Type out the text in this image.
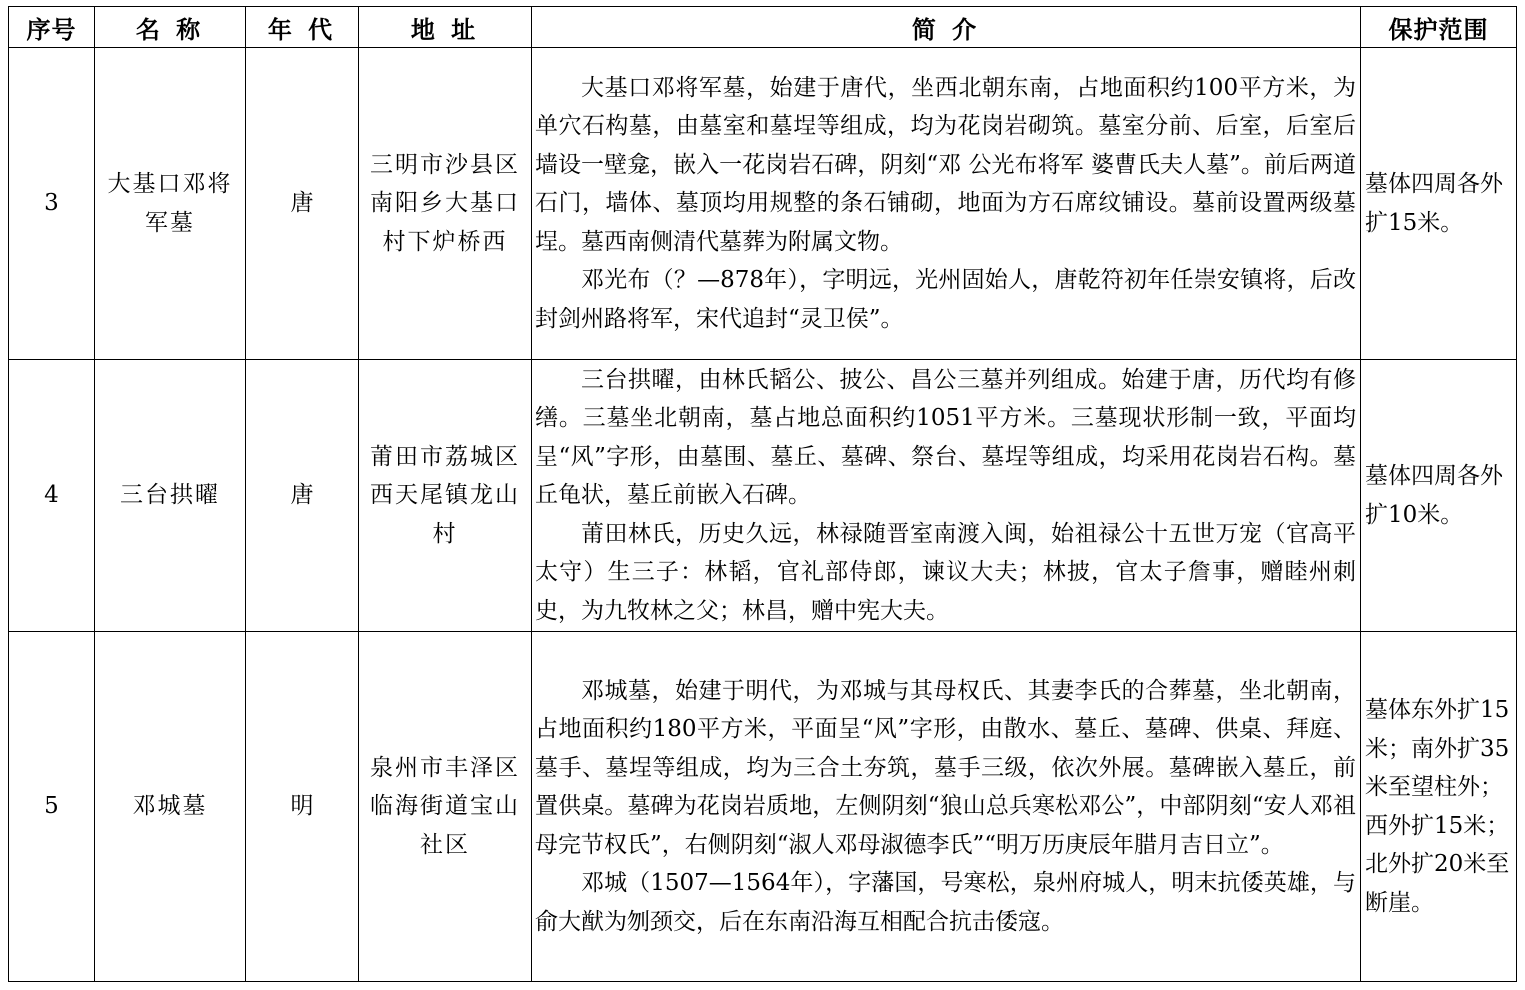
序号	名 称	年 代	地 址	简 介	保护范围
3	大基口邓将军墓	唐	三明市沙县区南阳乡大基口村下炉桥西	大基口邓将军墓，始建于唐代，坐西北朝东南，占地面积约100平方米，为单穴石构墓，由墓室和墓埕等组成，均为花岗岩砌筑。墓室分前、后室，后室后墙设一壁龛，嵌入一花岗岩石碑，阴刻“邓 公光布将军 婆曹氏夫人墓”。前后两道石门，墙体、墓顶均用规整的条石铺砌，地面为方石席纹铺设。墓前设置两级墓埕。墓西南侧清代墓葬为附属文物。

邓光布（？—878年），字明远，光州固始人，唐乾符初年任崇安镇将，后改封剑州路将军，宋代追封“灵卫侯”。	墓体四周各外扩15米。
4	三台拱曜	唐	莆田市荔城区西天尾镇龙山村	三台拱曜，由林氏韬公、披公、昌公三墓并列组成。始建于唐，历代均有修缮。三墓坐北朝南，墓占地总面积约1051平方米。三墓现状形制一致，平面均呈“风”字形，由墓围、墓丘、墓碑、祭台、墓埕等组成，均采用花岗岩石构。墓丘龟状，墓丘前嵌入石碑。

莆田林氏，历史久远，林禄随晋室南渡入闽，始祖禄公十五世万宠（官高平太守）生三子：林韬，官礼部侍郎，谏议大夫；林披，官太子詹事，赠睦州刺史，为九牧林之父；林昌，赠中宪大夫。	墓体四周各外扩10米。
5	邓城墓	明	泉州市丰泽区临海街道宝山社区	邓城墓，始建于明代，为邓城与其母权氏、其妻李氏的合葬墓，坐北朝南，占地面积约180平方米，平面呈“风”字形，由散水、墓丘、墓碑、供桌、拜庭、墓手、墓埕等组成，均为三合土夯筑，墓手三级，依次外展。墓碑嵌入墓丘，前置供桌。墓碑为花岗岩质地，左侧阴刻“狼山总兵寒松邓公”，中部阴刻“安人邓祖母完节权氏”，右侧阴刻“淑人邓母淑德李氏”“明万历庚辰年腊月吉日立”。

邓城（1507—1564年），字藩国，号寒松，泉州府城人，明末抗倭英雄，与俞大猷为刎颈交，后在东南沿海互相配合抗击倭寇。	墓体东外扩15米；南外扩35米至望柱外；西外扩15米；北外扩20米至断崖。
